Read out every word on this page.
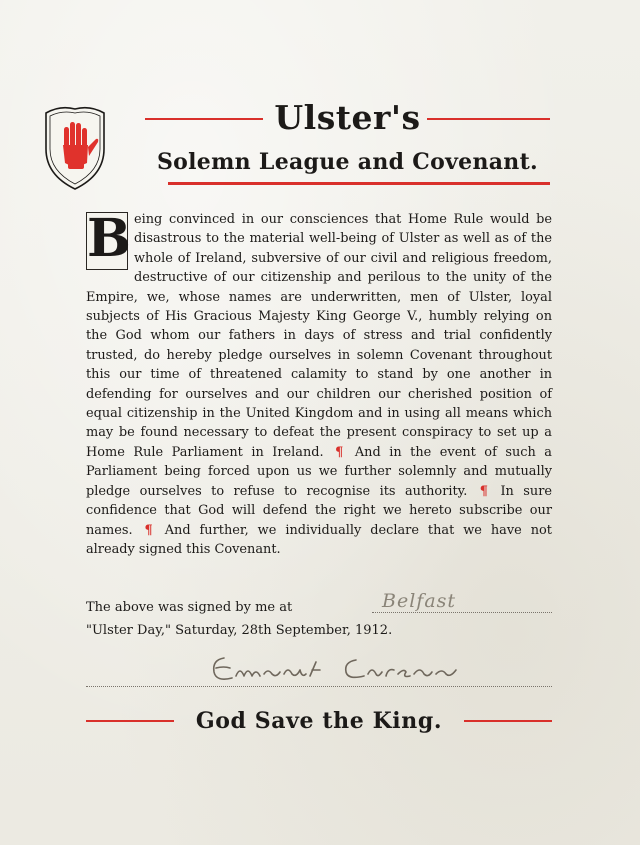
Ulster's
Solemn League and Covenant.
B eing convinced in our consciences that Home Rule would be disastrous to the material well-being of Ulster as well as of the whole of Ireland, subversive of our civil and religious freedom, destructive of our citizenship and perilous to the unity of the Empire, we, whose names are underwritten, men of Ulster, loyal subjects of His Gracious Majesty King George V., humbly relying on the God whom our fathers in days of stress and trial confidently trusted, do hereby pledge ourselves in solemn Covenant throughout this our time of threatened calamity to stand by one another in defending for ourselves and our children our cherished position of equal citizenship in the United Kingdom and in using all means which may be found necessary to defeat the present conspiracy to set up a Home Rule Parliament in Ireland. ¶ And in the event of such a Parliament being forced upon us we further solemnly and mutually pledge ourselves to refuse to recognise its authority. ¶ In sure confidence that God will defend the right we hereto subscribe our names. ¶ And further, we individually declare that we have not already signed this Covenant.
The above was signed by me at	Belfast
"Ulster Day," Saturday, 28th September, 1912.
God Save the King.
